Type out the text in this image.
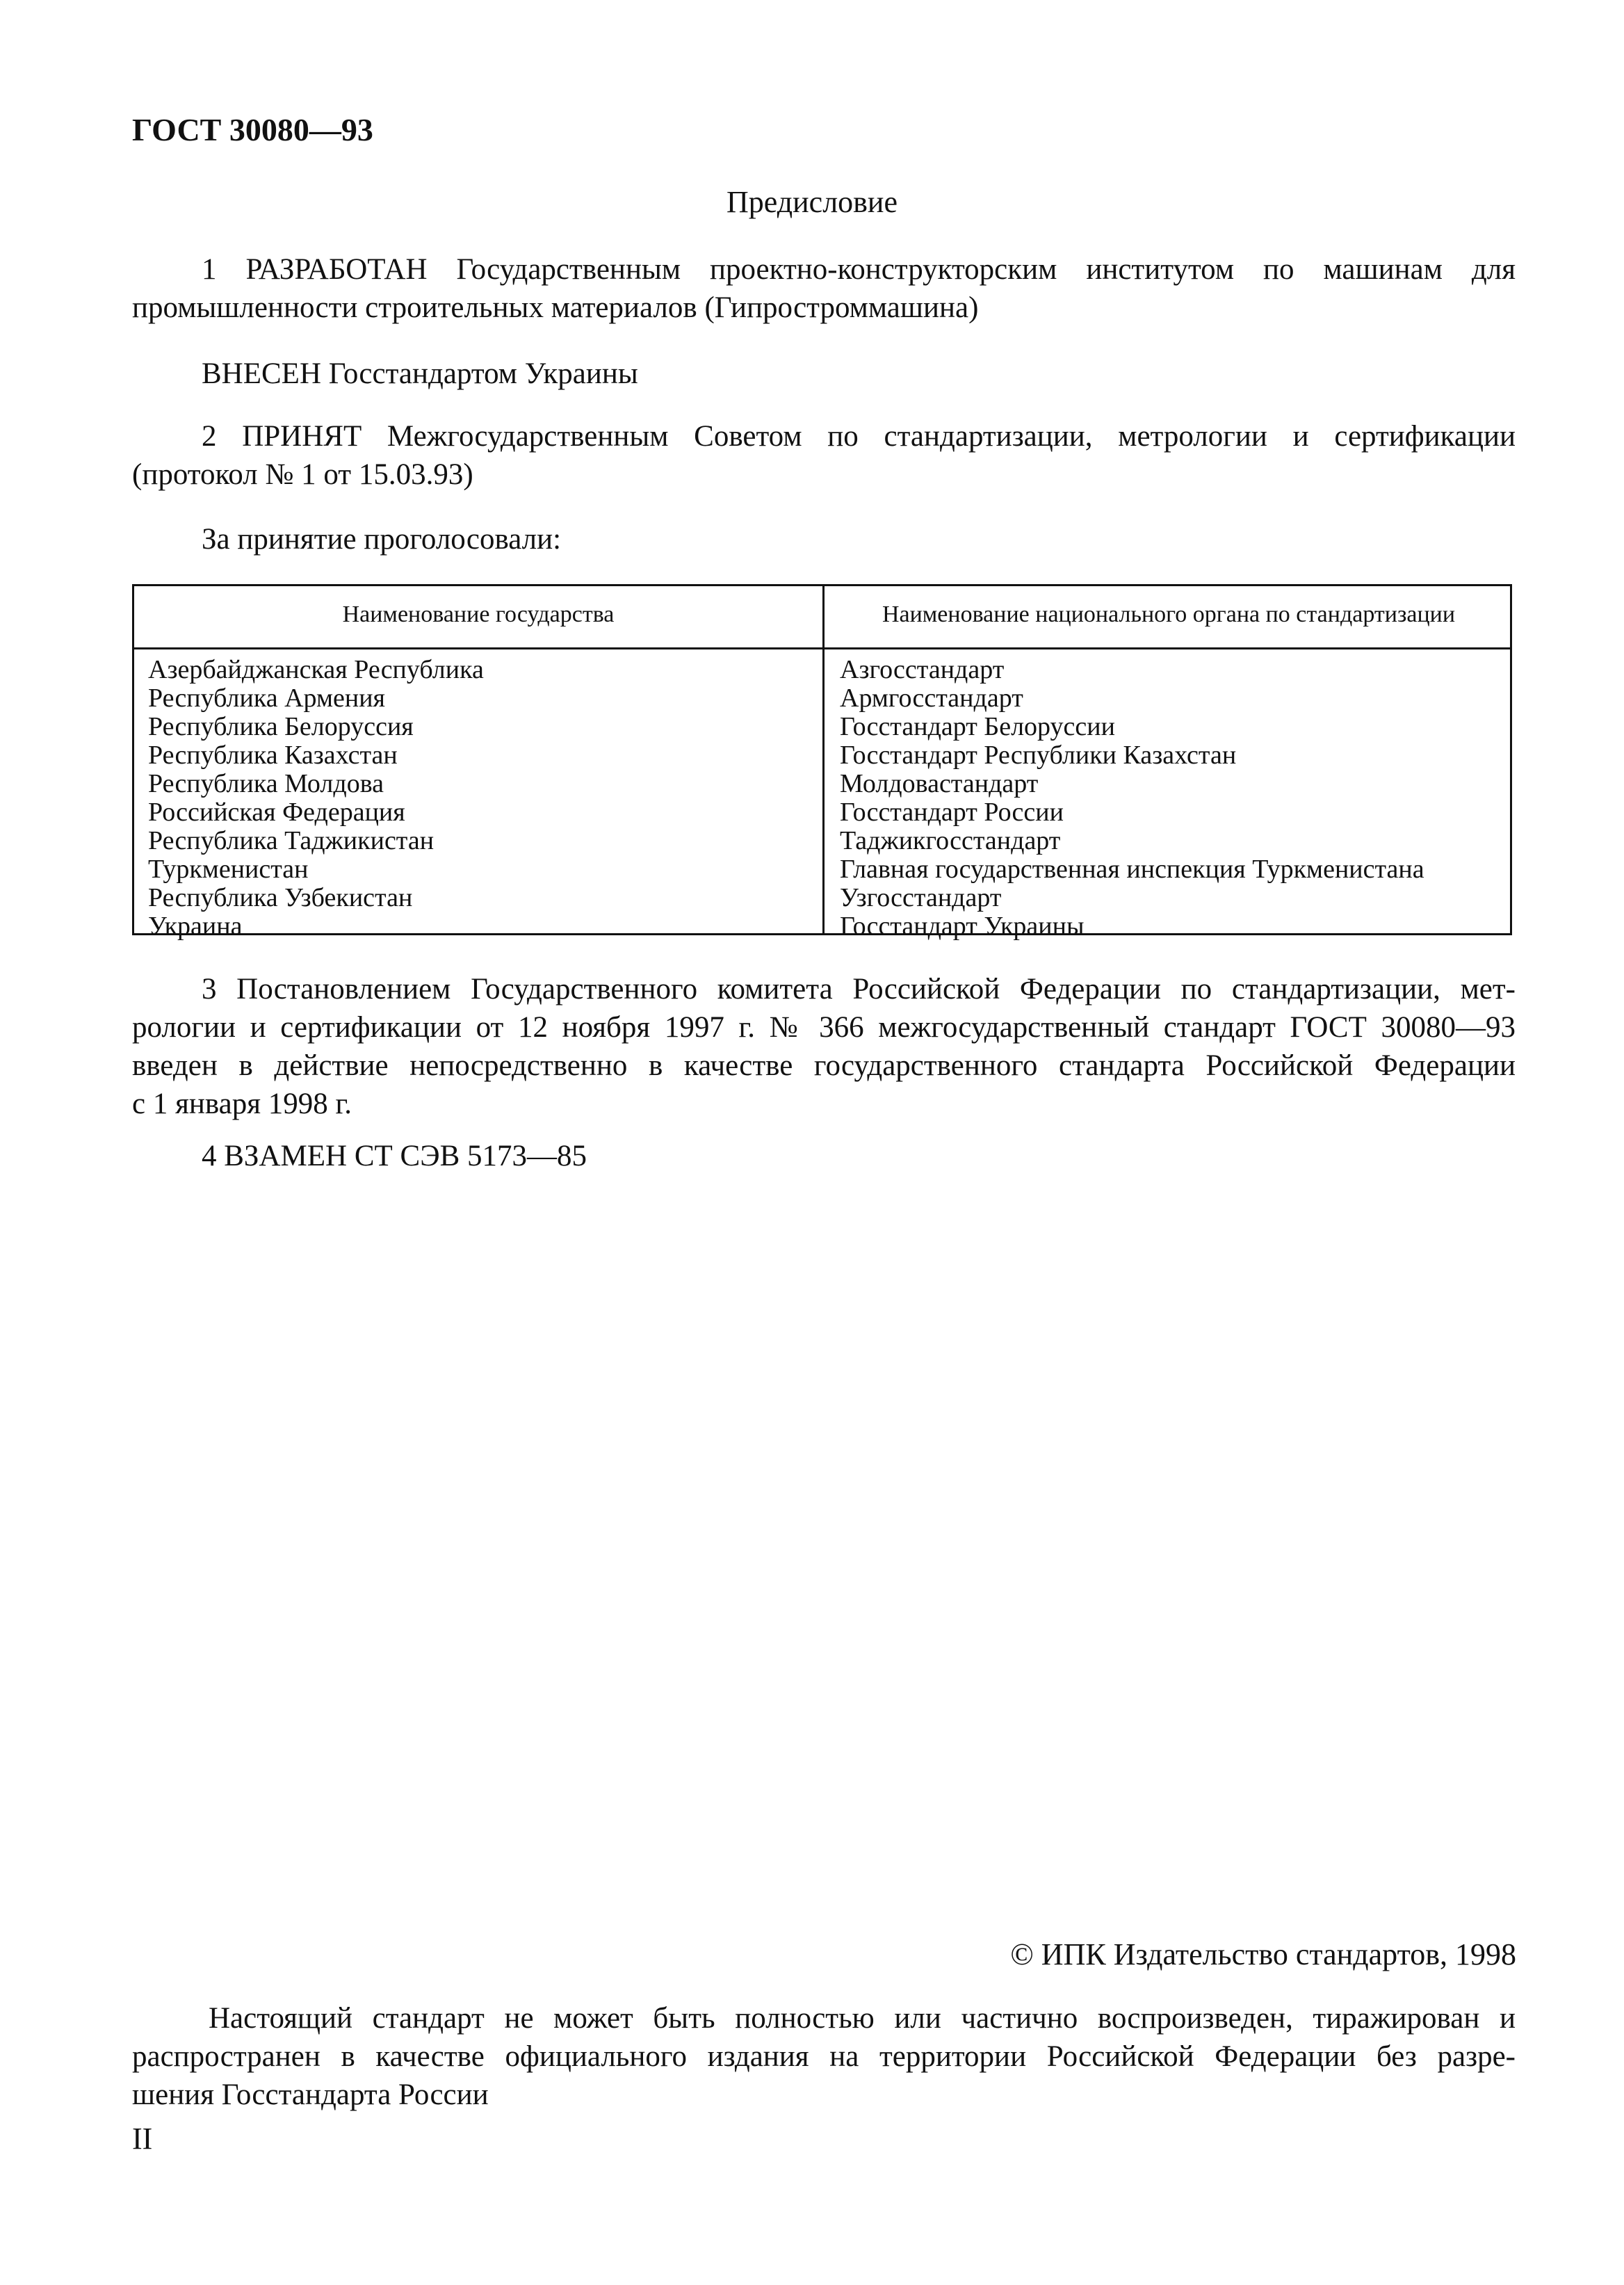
ГОСТ 30080—93
Предисловие
1 РАЗРАБОТАН Государственным проектно-конструкторским институтом по машинам для
промышленности строительных материалов (Гипростроммашина)
ВНЕСЕН Госстандартом Украины
2 ПРИНЯТ Межгосударственным Советом по стандартизации, метрологии и сертификации
(протокол № 1 от 15.03.93)
За принятие проголосовали:
Наименование государства	Наименование национального органа по стандартизации
Азербайджанская Республика
Республика Армения
Республика Белоруссия
Республика Казахстан
Республика Молдова
Российская Федерация
Республика Таджикистан
Туркменистан
Республика Узбекистан
Украина
Азгосстандарт
Армгосстандарт
Госстандарт Белоруссии
Госстандарт Республики Казахстан
Молдовастандарт
Госстандарт России
Таджикгосстандарт
Главная государственная инспекция Туркменистана
Узгосстандарт
Госстандарт Украины
3 Постановлением Государственного комитета Российской Федерации по стандартизации, мет-
рологии и сертификации от 12 ноября 1997 г. № 366 межгосударственный стандарт ГОСТ 30080—93
введен в действие непосредственно в качестве государственного стандарта Российской Федерации
с 1 января 1998 г.
4 ВЗАМЕН СТ СЭВ 5173—85
© ИПК Издательство стандартов, 1998
Настоящий стандарт не может быть полностью или частично воспроизведен, тиражирован и
распространен в качестве официального издания на территории Российской Федерации без разре-
шения Госстандарта России
II
